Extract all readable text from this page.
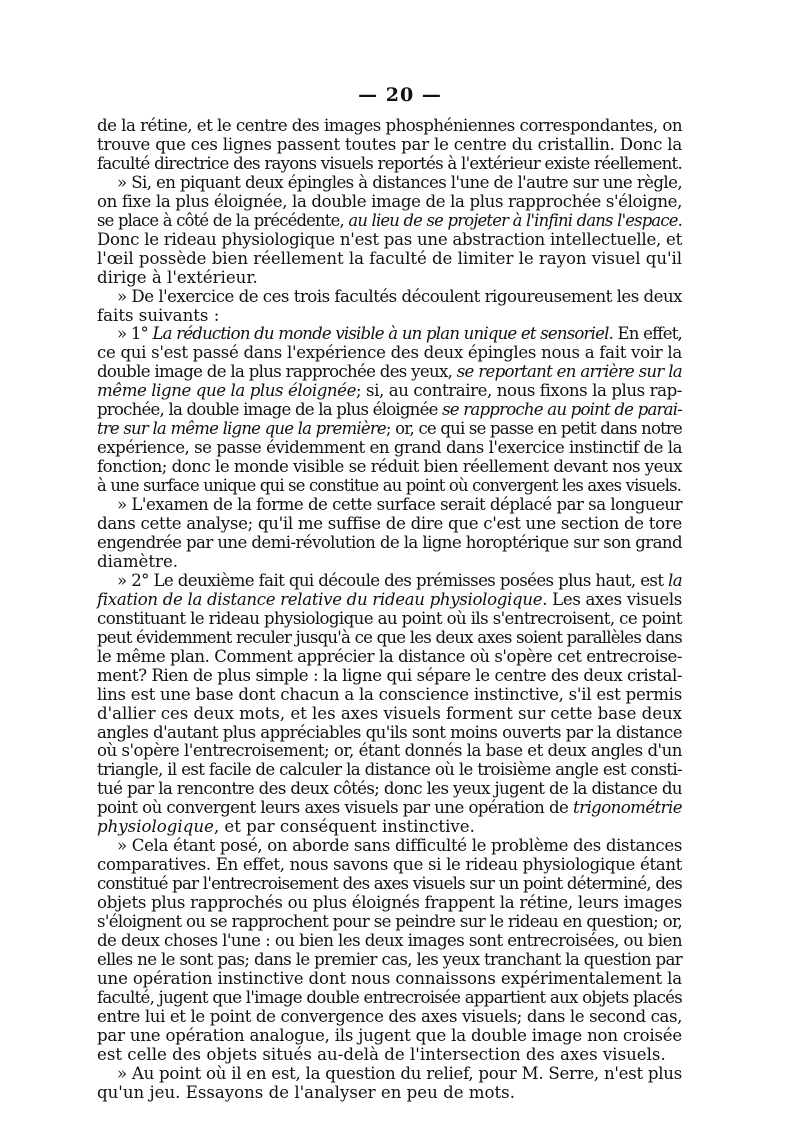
— 20 —

de la rétine, et le centre des images phosphéniennes correspondantes, on

trouve que ces lignes passent toutes par le centre du cristallin. Donc la

faculté directrice des rayons visuels reportés à l'extérieur existe réellement.

» Si, en piquant deux épingles à distances l'une de l'autre sur une règle,

on fixe la plus éloignée, la double image de la plus rapprochée s'éloigne,

se place à côté de la précédente, au lieu de se projeter à l'infini dans l'espace.

Donc le rideau physiologique n'est pas une abstraction intellectuelle, et

l'œil possède bien réellement la faculté de limiter le rayon visuel qu'il

dirige à l'extérieur.

» De l'exercice de ces trois facultés découlent rigoureusement les deux

faits suivants :

» 1° La réduction du monde visible à un plan unique et sensoriel. En effet,

ce qui s'est passé dans l'expérience des deux épingles nous a fait voir la

double image de la plus rapprochée des yeux, se reportant en arrière sur la

même ligne que la plus éloignée; si, au contraire, nous fixons la plus rap-

prochée, la double image de la plus éloignée se rapproche au point de parai-

tre sur la même ligne que la première; or, ce qui se passe en petit dans notre

expérience, se passe évidemment en grand dans l'exercice instinctif de la

fonction; donc le monde visible se réduit bien réellement devant nos yeux

à une surface unique qui se constitue au point où convergent les axes visuels.

» L'examen de la forme de cette surface serait déplacé par sa longueur

dans cette analyse; qu'il me suffise de dire que c'est une section de tore

engendrée par une demi-révolution de la ligne horoptérique sur son grand

diamètre.

» 2° Le deuxième fait qui découle des prémisses posées plus haut, est la

fixation de la distance relative du rideau physiologique. Les axes visuels

constituant le rideau physiologique au point où ils s'entrecroisent, ce point

peut évidemment reculer jusqu'à ce que les deux axes soient parallèles dans

le même plan. Comment apprécier la distance où s'opère cet entrecroise-

ment? Rien de plus simple : la ligne qui sépare le centre des deux cristal-

lins est une base dont chacun a la conscience instinctive, s'il est permis

d'allier ces deux mots, et les axes visuels forment sur cette base deux

angles d'autant plus appréciables qu'ils sont moins ouverts par la distance

où s'opère l'entrecroisement; or, étant donnés la base et deux angles d'un

triangle, il est facile de calculer la distance où le troisième angle est consti-

tué par la rencontre des deux côtés; donc les yeux jugent de la distance du

point où convergent leurs axes visuels par une opération de trigonométrie

physiologique, et par conséquent instinctive.

» Cela étant posé, on aborde sans difficulté le problème des distances

comparatives. En effet, nous savons que si le rideau physiologique étant

constitué par l'entrecroisement des axes visuels sur un point déterminé, des

objets plus rapprochés ou plus éloignés frappent la rétine, leurs images

s'éloignent ou se rapprochent pour se peindre sur le rideau en question; or,

de deux choses l'une : ou bien les deux images sont entrecroisées, ou bien

elles ne le sont pas; dans le premier cas, les yeux tranchant la question par

une opération instinctive dont nous connaissons expérimentalement la

faculté, jugent que l'image double entrecroisée appartient aux objets placés

entre lui et le point de convergence des axes visuels; dans le second cas,

par une opération analogue, ils jugent que la double image non croisée

est celle des objets situés au-delà de l'intersection des axes visuels.

» Au point où il en est, la question du relief, pour M. Serre, n'est plus

qu'un jeu. Essayons de l'analyser en peu de mots.
